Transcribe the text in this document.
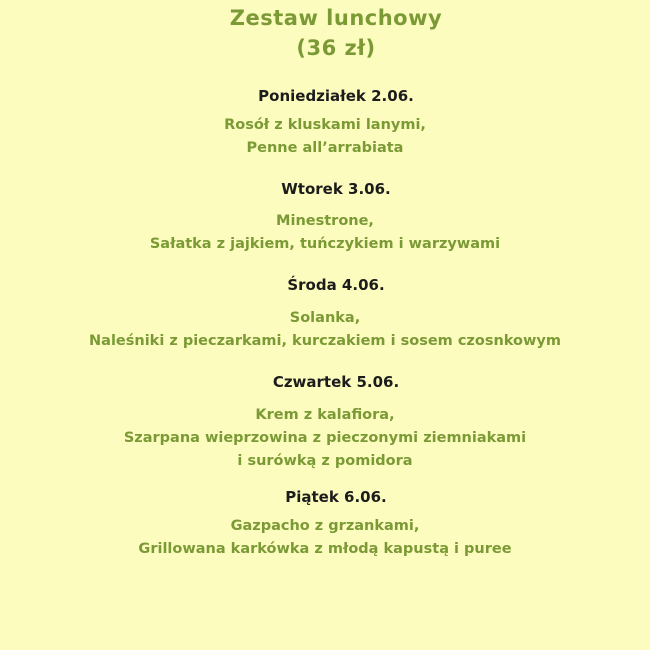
Zestaw lunchowy
(36 zł)
Poniedziałek 2.06.
Rosół z kluskami lanymi,
Penne all’arrabiata
Wtorek 3.06.
Minestrone,
Sałatka z jajkiem, tuńczykiem i warzywami
Środa 4.06.
Solanka,
Naleśniki z pieczarkami, kurczakiem i sosem czosnkowym
Czwartek 5.06.
Krem z kalafiora,
Szarpana wieprzowina z pieczonymi ziemniakami
i surówką z pomidora
Piątek 6.06.
Gazpacho z grzankami,
Grillowana karkówka z młodą kapustą i puree
